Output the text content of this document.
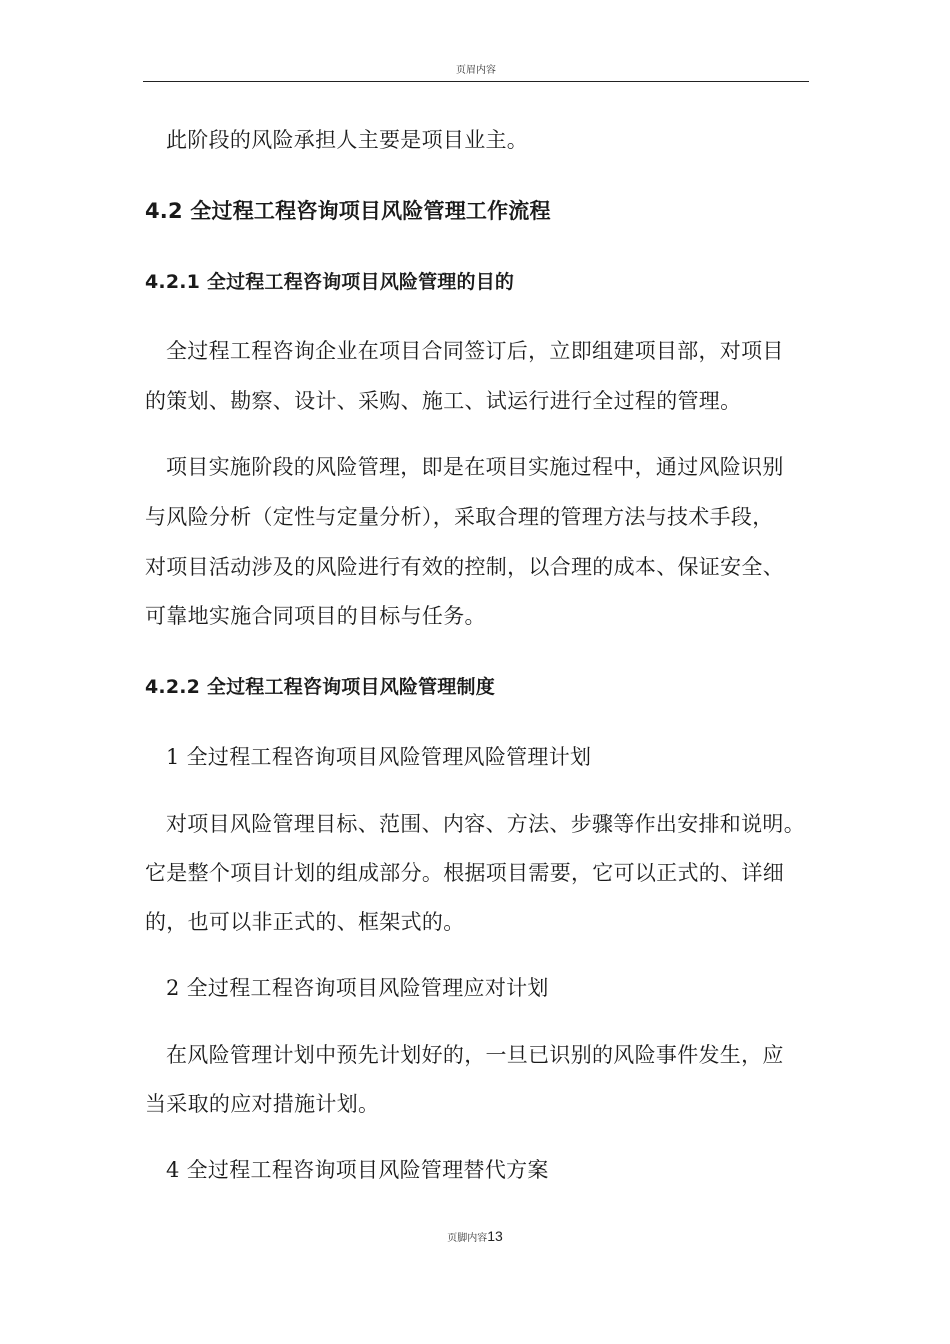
页眉内容
此阶段的风险承担人主要是项目业主。
4.2 全过程工程咨询项目风险管理工作流程
4.2.1 全过程工程咨询项目风险管理的目的
全过程工程咨询企业在项目合同签订后，立即组建项目部，对项目
的策划、勘察、设计、采购、施工、试运行进行全过程的管理。
项目实施阶段的风险管理，即是在项目实施过程中，通过风险识别
与风险分析（定性与定量分析），采取合理的管理方法与技术手段，
对项目活动涉及的风险进行有效的控制，以合理的成本、保证安全、
可靠地实施合同项目的目标与任务。
4.2.2 全过程工程咨询项目风险管理制度
1 全过程工程咨询项目风险管理风险管理计划
对项目风险管理目标、范围、内容、方法、步骤等作出安排和说明。
它是整个项目计划的组成部分。根据项目需要，它可以正式的、详细
的，也可以非正式的、框架式的。
2 全过程工程咨询项目风险管理应对计划
在风险管理计划中预先计划好的，一旦已识别的风险事件发生，应
当采取的应对措施计划。
4 全过程工程咨询项目风险管理替代方案
页脚内容13
